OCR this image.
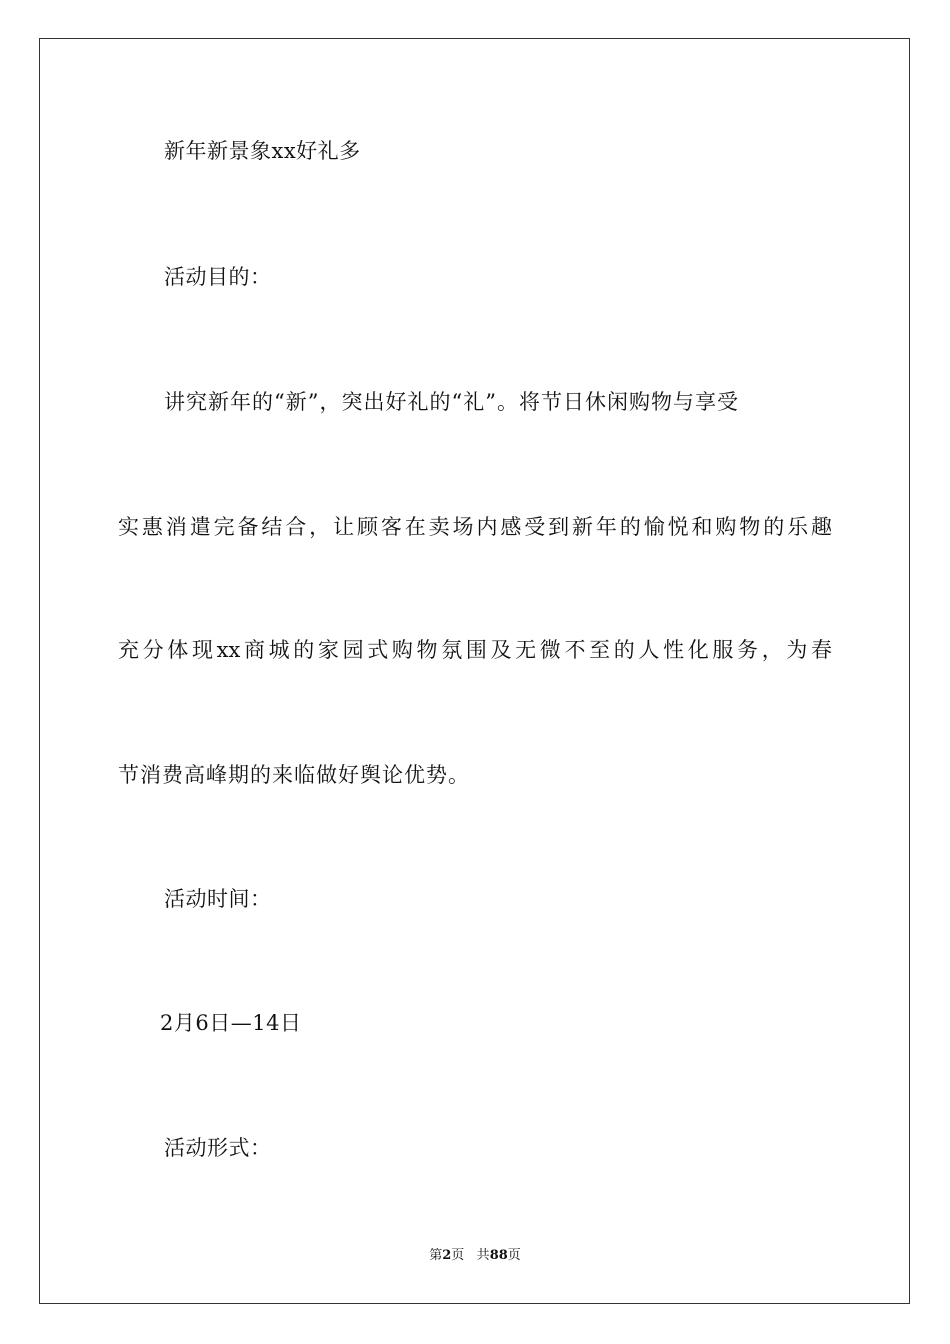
新年新景象xx好礼多
活动目的：
讲究新年的“新”，突出好礼的“礼”。将节日休闲购物与享受
实惠消遣完备结合，让顾客在卖场内感受到新年的愉悦和购物的乐趣
充分体现xx商城的家园式购物氛围及无微不至的人性化服务，为春
节消费高峰期的来临做好舆论优势。
活动时间：
2月6日—14日
活动形式：
第2页 共88页
